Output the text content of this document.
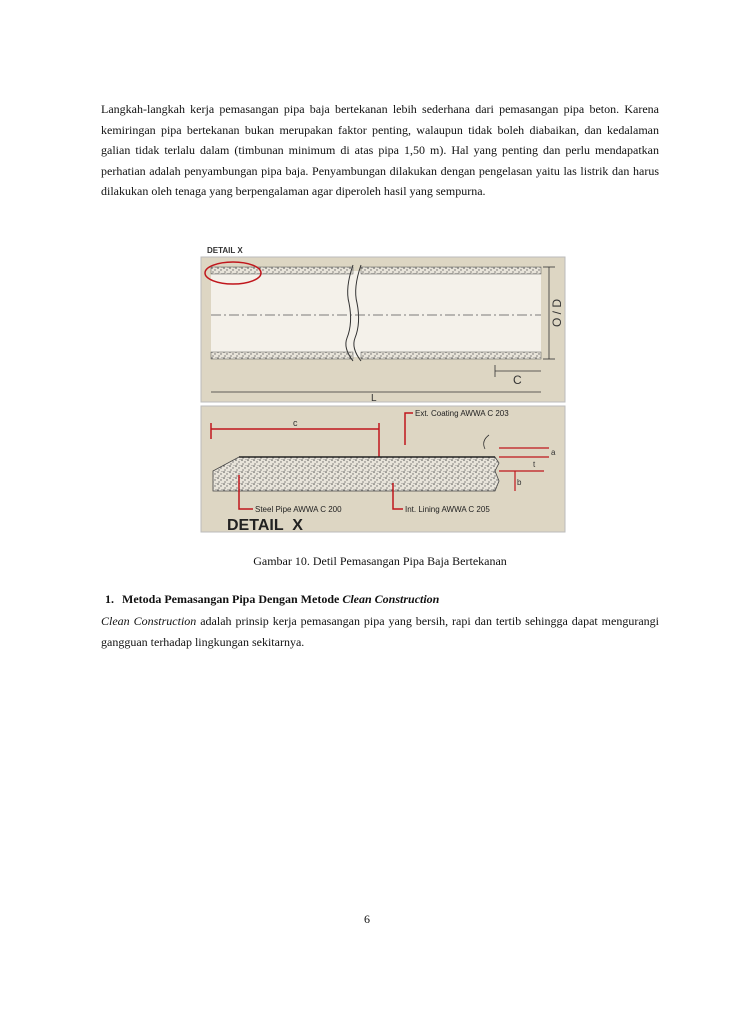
Langkah-langkah kerja pemasangan pipa baja bertekanan lebih sederhana dari pemasangan pipa beton. Karena kemiringan pipa bertekanan bukan merupakan faktor penting, walaupun tidak boleh diabaikan, dan kedalaman galian tidak terlalu dalam (timbunan minimum di atas pipa 1,50 m). Hal yang penting dan perlu mendapatkan perhatian adalah penyambungan pipa baja. Penyambungan dilakukan dengan pengelasan yaitu las listrik dan harus dilakukan oleh tenaga yang berpengalaman agar diperoleh hasil yang sempurna.

DETAIL X
O / D
C
L
c
Ext. Coating AWWA C 203
a
t
b
Steel Pipe AWWA C 200	Int. Lining AWWA C 205
DETAIL  X
Gambar 10. Detil Pemasangan Pipa Baja Bertekanan
1. Metoda Pemasangan Pipa Dengan Metode Clean Construction

Clean Construction adalah prinsip kerja pemasangan pipa yang bersih, rapi dan tertib sehingga dapat mengurangi gangguan terhadap lingkungan sekitarnya.

6
